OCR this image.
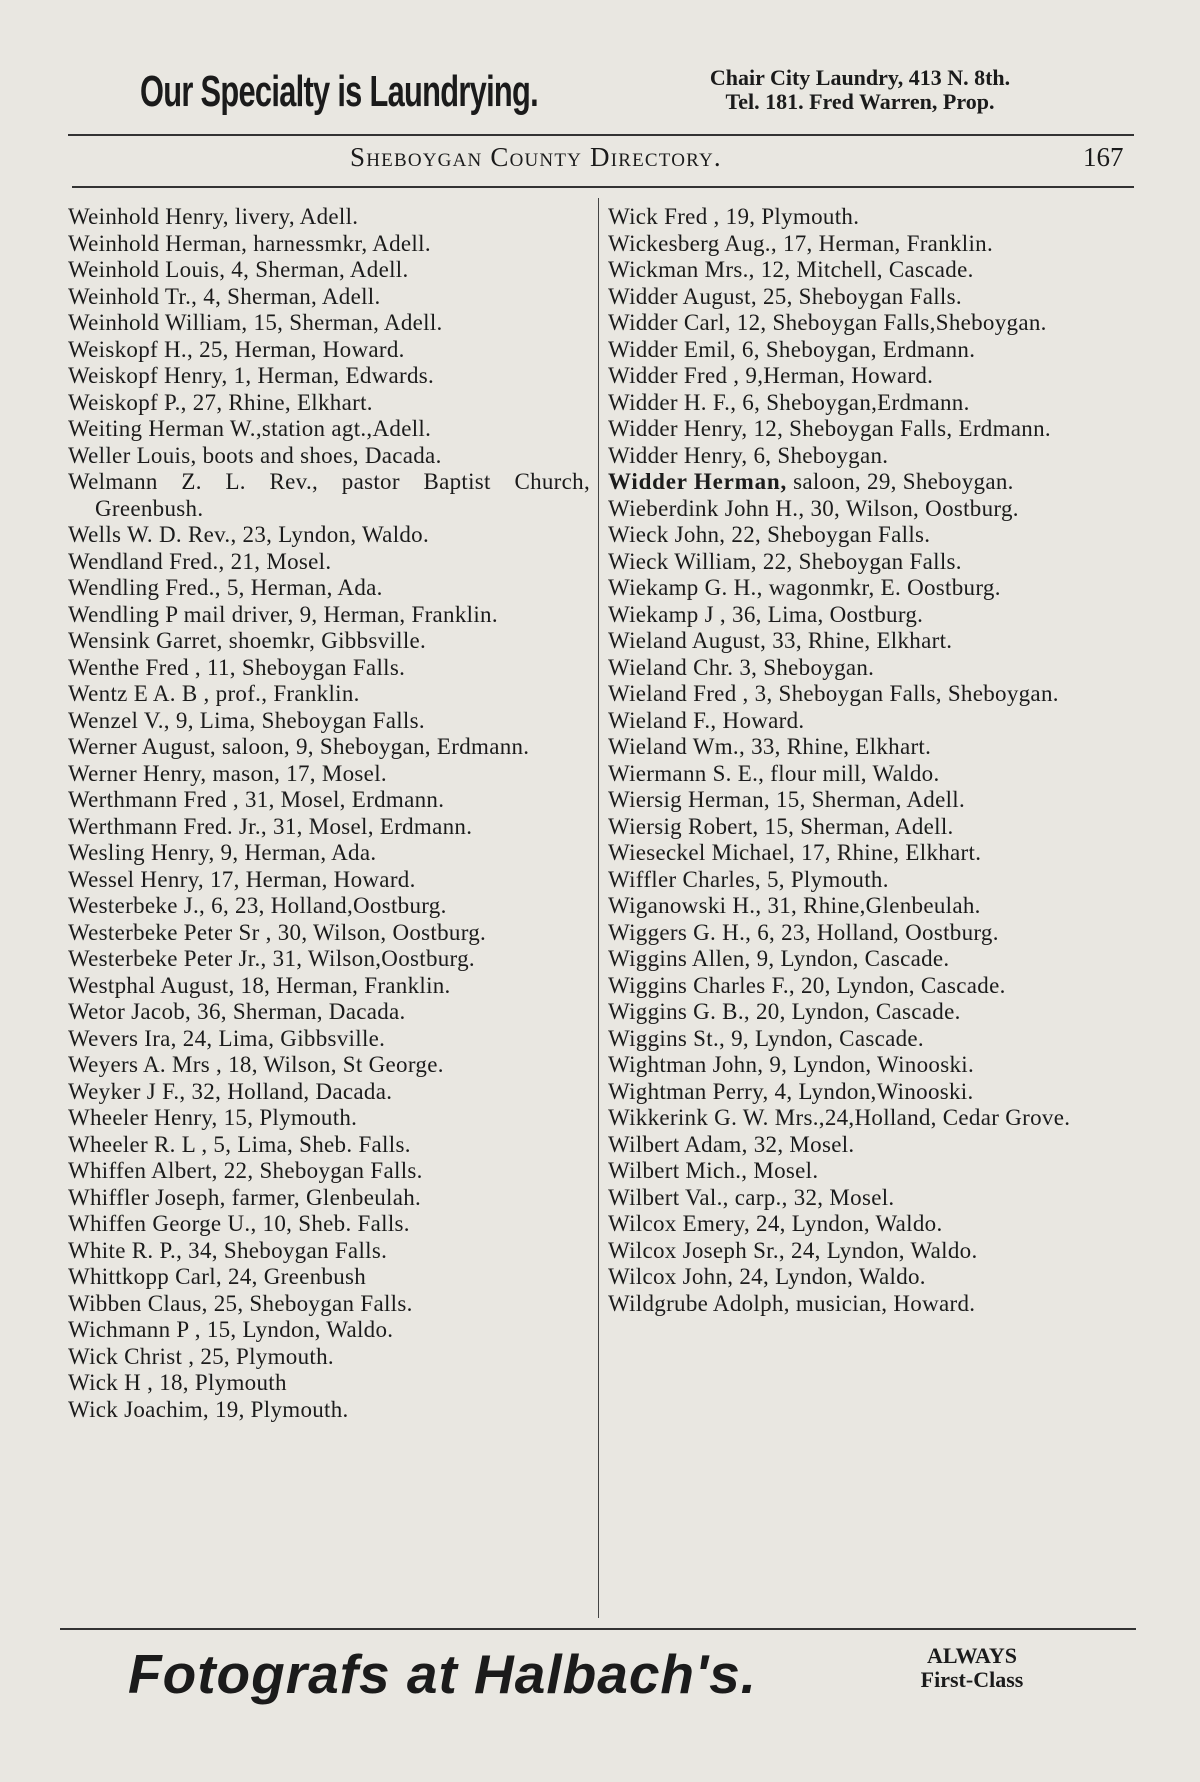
Our Specialty is Laundrying.	Chair City Laundry, 413 N. 8th.
Tel. 181. Fred Warren, Prop.
Sheboygan County Directory.	167
Weinhold Henry, livery, Adell.
Weinhold Herman, harnessmkr, Adell.
Weinhold Louis, 4, Sherman, Adell.
Weinhold Tr., 4, Sherman, Adell.
Weinhold William, 15, Sherman, Adell.
Weiskopf H., 25, Herman, Howard.
Weiskopf Henry, 1, Herman, Edwards.
Weiskopf P., 27, Rhine, Elkhart.
Weiting Herman W.,station agt.,Adell.
Weller Louis, boots and shoes, Dacada.
Welmann Z. L. Rev., pastor Baptist Church, Greenbush.
Wells W. D. Rev., 23, Lyndon, Waldo.
Wendland Fred., 21, Mosel.
Wendling Fred., 5, Herman, Ada.
Wendling P mail driver, 9, Herman, Franklin.
Wensink Garret, shoemkr, Gibbsville.
Wenthe Fred , 11, Sheboygan Falls.
Wentz E A. B , prof., Franklin.
Wenzel V., 9, Lima, Sheboygan Falls.
Werner August, saloon, 9, Sheboygan, Erdmann.
Werner Henry, mason, 17, Mosel.
Werthmann Fred , 31, Mosel, Erdmann.
Werthmann Fred. Jr., 31, Mosel, Erdmann.
Wesling Henry, 9, Herman, Ada.
Wessel Henry, 17, Herman, Howard.
Westerbeke J., 6, 23, Holland,Oostburg.
Westerbeke Peter Sr , 30, Wilson, Oostburg.
Westerbeke Peter Jr., 31, Wilson,Oostburg.
Westphal August, 18, Herman, Franklin.
Wetor Jacob, 36, Sherman, Dacada.
Wevers Ira, 24, Lima, Gibbsville.
Weyers A. Mrs , 18, Wilson, St George.
Weyker J F., 32, Holland, Dacada.
Wheeler Henry, 15, Plymouth.
Wheeler R. L , 5, Lima, Sheb. Falls.
Whiffen Albert, 22, Sheboygan Falls.
Whiffler Joseph, farmer, Glenbeulah.
Whiffen George U., 10, Sheb. Falls.
White R. P., 34, Sheboygan Falls.
Whittkopp Carl, 24, Greenbush
Wibben Claus, 25, Sheboygan Falls.
Wichmann P , 15, Lyndon, Waldo.
Wick Christ , 25, Plymouth.
Wick H , 18, Plymouth
Wick Joachim, 19, Plymouth.
Wick Fred , 19, Plymouth.
Wickesberg Aug., 17, Herman, Franklin.
Wickman Mrs., 12, Mitchell, Cascade.
Widder August, 25, Sheboygan Falls.
Widder Carl, 12, Sheboygan Falls,Sheboygan.
Widder Emil, 6, Sheboygan, Erdmann.
Widder Fred , 9,Herman, Howard.
Widder H. F., 6, Sheboygan,Erdmann.
Widder Henry, 12, Sheboygan Falls, Erdmann.
Widder Henry, 6, Sheboygan.
Widder Herman, saloon, 29, Sheboygan.
Wieberdink John H., 30, Wilson, Oostburg.
Wieck John, 22, Sheboygan Falls.
Wieck William, 22, Sheboygan Falls.
Wiekamp G. H., wagonmkr, E. Oostburg.
Wiekamp J , 36, Lima, Oostburg.
Wieland August, 33, Rhine, Elkhart.
Wieland Chr. 3, Sheboygan.
Wieland Fred , 3, Sheboygan Falls, Sheboygan.
Wieland F., Howard.
Wieland Wm., 33, Rhine, Elkhart.
Wiermann S. E., flour mill, Waldo.
Wiersig Herman, 15, Sherman, Adell.
Wiersig Robert, 15, Sherman, Adell.
Wieseckel Michael, 17, Rhine, Elkhart.
Wiffler Charles, 5, Plymouth.
Wiganowski H., 31, Rhine,Glenbeulah.
Wiggers G. H., 6, 23, Holland, Oostburg.
Wiggins Allen, 9, Lyndon, Cascade.
Wiggins Charles F., 20, Lyndon, Cascade.
Wiggins G. B., 20, Lyndon, Cascade.
Wiggins St., 9, Lyndon, Cascade.
Wightman John, 9, Lyndon, Winooski.
Wightman Perry, 4, Lyndon,Winooski.
Wikkerink G. W. Mrs.,24,Holland, Cedar Grove.
Wilbert Adam, 32, Mosel.
Wilbert Mich., Mosel.
Wilbert Val., carp., 32, Mosel.
Wilcox Emery, 24, Lyndon, Waldo.
Wilcox Joseph Sr., 24, Lyndon, Waldo.
Wilcox John, 24, Lyndon, Waldo.
Wildgrube Adolph, musician, Howard.
Fotografs at Halbach's.	ALWAYS
First-Class
